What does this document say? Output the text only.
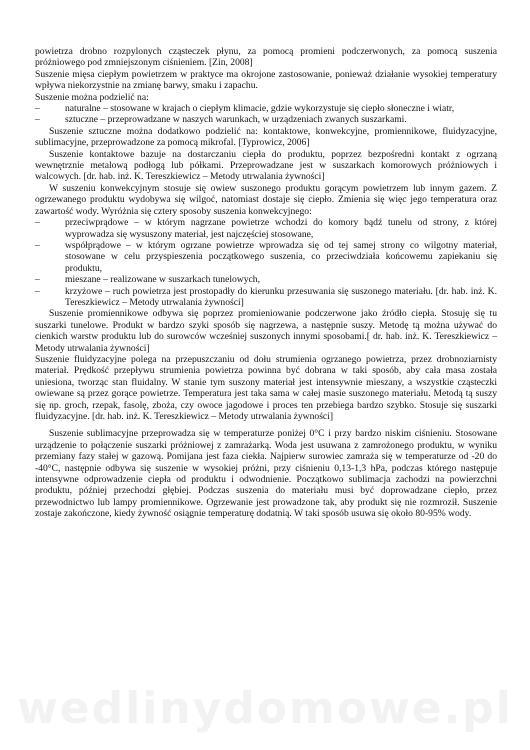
powietrza drobno rozpylonych cząsteczek płynu, za pomocą promieni podczerwonych, za pomocą suszenia próżniowego pod zmniejszonym ciśnieniem. [Zin, 2008]

Suszenie mięsa ciepłym powietrzem w praktyce ma okrojone zastosowanie, ponieważ działanie wysokiej temperatury wpływa niekorzystnie na zmianę barwy, smaku i zapachu.

Suszenie można podzielić na:

–	naturalne – stosowane w krajach o ciepłym klimacie, gdzie wykorzystuje się ciepło słoneczne i wiatr,
–	sztuczne – przeprowadzane w naszych warunkach, w urządzeniach zwanych suszarkami.

Suszenie sztuczne można dodatkowo podzielić na: kontaktowe, konwekcyjne, promiennikowe, fluidyzacyjne, sublimacyjne, przeprowadzone za pomocą mikrofal. [Typrowicz, 2006]

Suszenie kontaktowe bazuje na dostarczaniu ciepła do produktu, poprzez bezpośredni kontakt z ogrzaną wewnętrznie metalową podłogą lub półkami. Przeprowadzane jest w suszarkach komorowych próżniowych i walcowych. [dr. hab. inż. K. Tereszkiewicz – Metody utrwalania żywności]

W suszeniu konwekcyjnym stosuje się owiew suszonego produktu gorącym powietrzem lub innym gazem. Z ogrzewanego produktu wydobywa się wilgoć, natomiast dostaje się ciepło. Zmienia się więc jego temperatura oraz zawartość wody. Wyróżnia się cztery sposoby suszenia konwekcyjnego:

–	przeciwprądowe – w którym nagrzane powietrze wchodzi do komory bądź tunelu od strony, z której wyprowadza się wysuszony materiał, jest najczęściej stosowane,
–	współprądowe – w którym ogrzane powietrze wprowadza się od tej samej strony co wilgotny materiał, stosowane w celu przyspieszenia początkowego suszenia, co przeciwdziała końcowemu zapiekaniu się produktu,
–	mieszane – realizowane w suszarkach tunelowych,
–	krzyżowe – ruch powietrza jest prostopadły do kierunku przesuwania się suszonego materiału. [dr. hab. inż. K. Tereszkiewicz – Metody utrwalania żywności]

Suszenie promiennikowe odbywa się poprzez promieniowanie podczerwone jako źródło ciepła. Stosuję się tu suszarki tunelowe. Produkt w bardzo szyki sposób się nagrzewa, a następnie suszy. Metodę tą można używać do cienkich warstw produktu lub do surowców wcześniej suszonych innymi sposobami.[ dr. hab. inż. K. Tereszkiewicz – Metody utrwalania żywności]

Suszenie fluidyzacyjne polega na przepuszczaniu od dołu strumienia ogrzanego powietrza, przez drobnoziarnisty materiał. Prędkość przepływu strumienia powietrza powinna być dobrana w taki sposób, aby cała masa została uniesiona, tworząc stan fluidalny. W stanie tym suszony materiał jest intensywnie mieszany, a wszystkie cząsteczki owiewane są przez gorące powietrze. Temperatura jest taka sama w całej masie suszonego materiału. Metodą tą suszy się np. groch, rzepak, fasolę, zboża, czy owoce jagodowe i proces ten przebiega bardzo szybko. Stosuje się suszarki fluidyzacyjne. [dr. hab. inż. K. Tereszkiewicz – Metody utrwalania żywności]

Suszenie sublimacyjne przeprowadza się w temperaturze poniżej 0°C i przy bardzo niskim ciśnieniu. Stosowane urządzenie to połączenie suszarki próżniowej z zamrażarką. Woda jest usuwana z zamrożonego produktu, w wyniku przemiany fazy stałej w gazową. Pomijana jest faza ciekła. Najpierw surowiec zamraża się w temperaturze od -20 do -40°C, następnie odbywa się suszenie w wysokiej próżni, przy ciśnieniu 0,13-1,3 hPa, podczas którego następuje intensywne odprowadzenie ciepła od produktu i odwodnienie. Początkowo sublimacja zachodzi na powierzchni produktu, później przechodzi głębiej. Podczas suszenia do materiału musi być doprowadzane ciepło, przez przewodnictwo lub lampy promiennikowe. Ogrzewanie jest prowadzone tak, aby produkt się nie rozmroził. Suszenie zostaje zakończone, kiedy żywność osiągnie temperaturę dodatnią. W taki sposób usuwa się około 80-95% wody.

wedlinydomowe.pl
